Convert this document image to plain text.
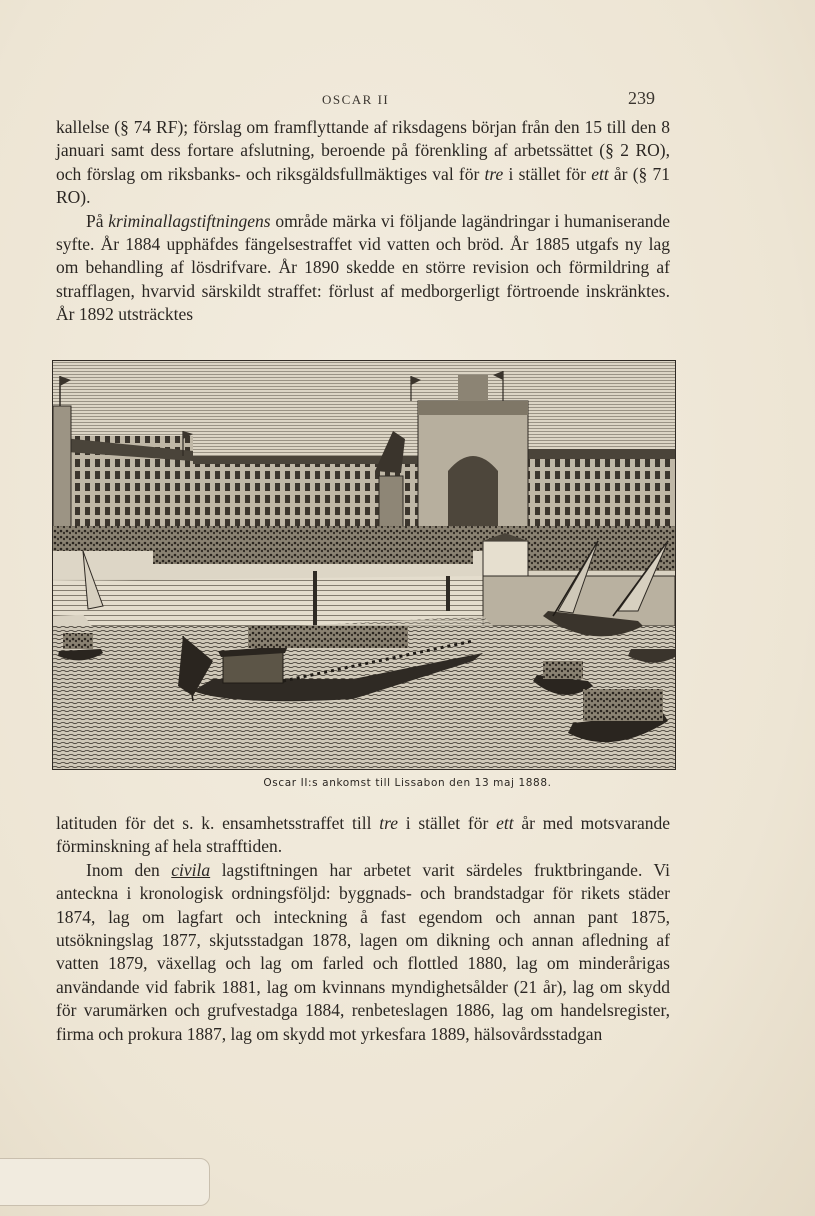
OSCAR II	239

kallelse (§ 74 RF); förslag om framflyttande af riksdagens början från den 15 till den 8 januari samt dess fortare afslutning, beroende på förenkling af arbetssättet (§ 2 RO), och förslag om riksbanks- och riksgäldsfullmäktiges val för tre i stället för ett år (§ 71 RO).

På kriminallagstiftningens område märka vi följande lagändringar i humaniserande syfte. År 1884 upphäfdes fängelsestraffet vid vatten och bröd. År 1885 utgafs ny lag om behandling af lösdrifvare. År 1890 skedde en större revision och förmildring af strafflagen, hvarvid särskildt straffet: förlust af medborgerligt förtroende inskränktes. År 1892 utsträcktes

Oscar II:s ankomst till Lissabon den 13 maj 1888.

latituden för det s. k. ensamhetsstraffet till tre i stället för ett år med motsvarande förminskning af hela strafftiden.

Inom den civila lagstiftningen har arbetet varit särdeles fruktbringande. Vi anteckna i kronologisk ordningsföljd: byggnads- och brandstadgar för rikets städer 1874, lag om lagfart och inteckning å fast egendom och annan pant 1875, utsökningslag 1877, skjutsstadgan 1878, lagen om dikning och annan afledning af vatten 1879, växellag och lag om farled och flottled 1880, lag om minderårigas användande vid fabrik 1881, lag om kvinnans myndighetsålder (21 år), lag om skydd för varumärken och grufvestadga 1884, renbeteslagen 1886, lag om handelsregister, firma och prokura 1887, lag om skydd mot yrkesfara 1889, hälsovårdsstadgan
